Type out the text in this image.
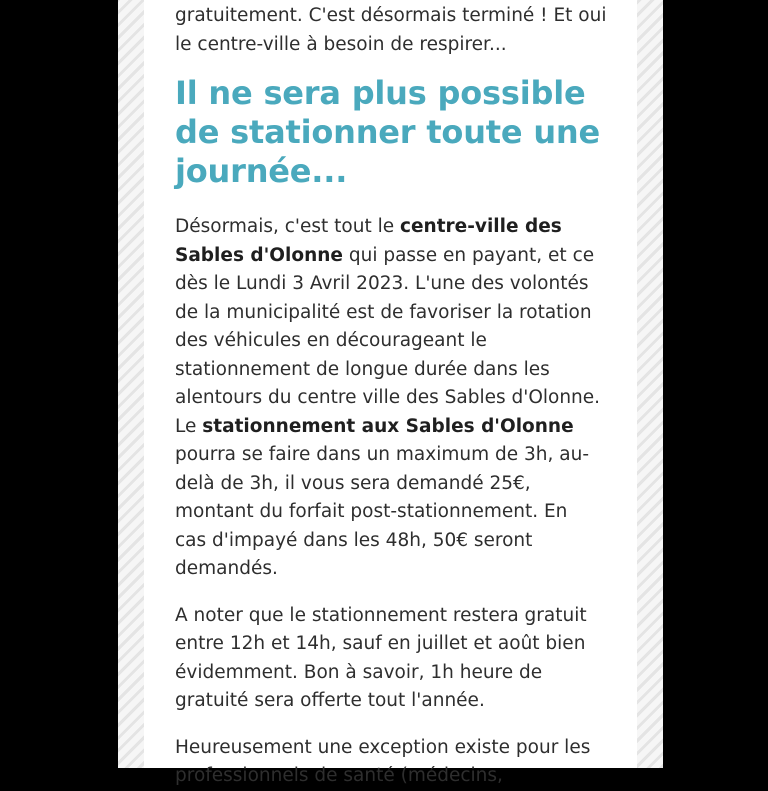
gratuitement. C'est désormais terminé ! Et oui
le centre-ville à besoin de respirer...

Il ne sera plus possible
de stationner toute une
journée...

Désormais, c'est tout le centre-ville des
Sables d'Olonne qui passe en payant, et ce
dès le Lundi 3 Avril 2023. L'une des volontés
de la municipalité est de favoriser la rotation
des véhicules en décourageant le
stationnement de longue durée dans les
alentours du centre ville des Sables d'Olonne.
Le stationnement aux Sables d'Olonne
pourra se faire dans un maximum de 3h, au-
delà de 3h, il vous sera demandé 25€,
montant du forfait post-stationnement. En
cas d'impayé dans les 48h, 50€ seront
demandés.

A noter que le stationnement restera gratuit
entre 12h et 14h, sauf en juillet et août bien
évidemment. Bon à savoir, 1h heure de
gratuité sera offerte tout l'année.

Heureusement une exception existe pour les
professionnels de santé (médecins,
